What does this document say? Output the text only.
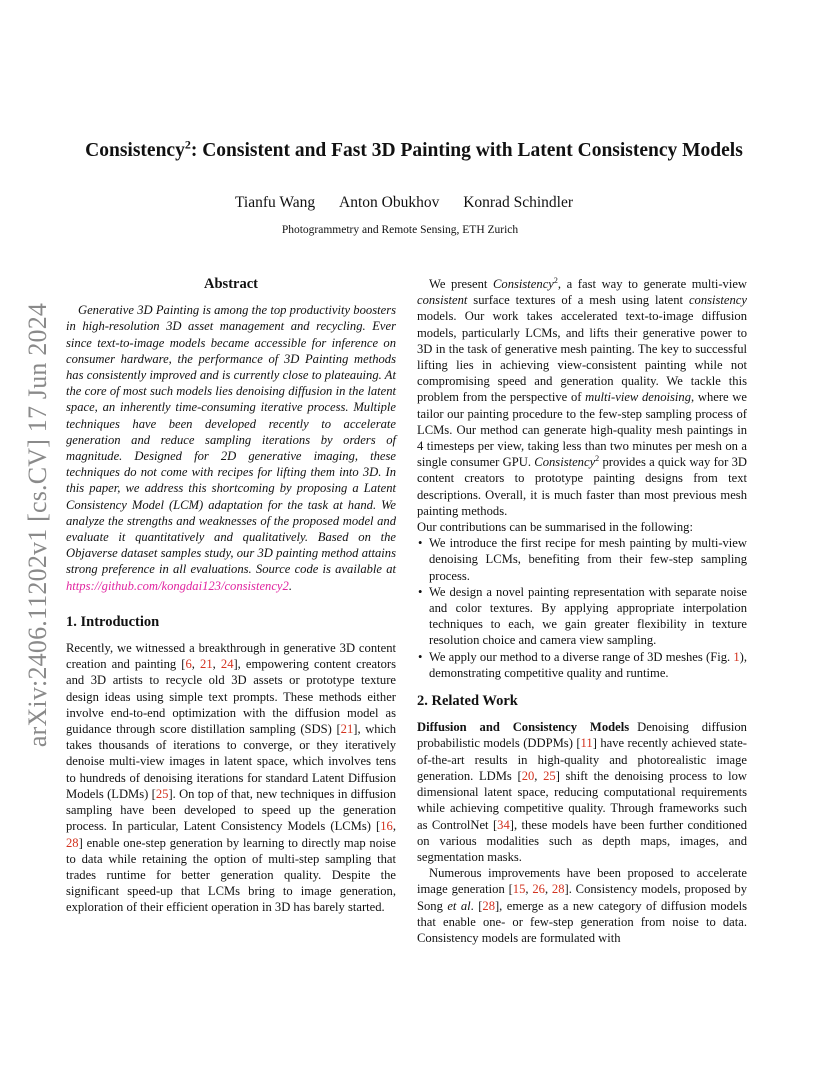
arXiv:2406.11202v1 [cs.CV] 17 Jun 2024
Consistency$^2$: Consistent and Fast 3D Painting with Latent Consistency Models
Tianfu Wang Anton Obukhov Konrad Schindler
Photogrammetry and Remote Sensing, ETH Zurich
Abstract

Generative 3D Painting is among the top productivity boosters in high-resolution 3D asset management and recycling. Ever since text-to-image models became accessible for inference on consumer hardware, the performance of 3D Painting methods has consistently improved and is currently close to plateauing. At the core of most such models lies denoising diffusion in the latent space, an inherently time-consuming iterative process. Multiple techniques have been developed recently to accelerate generation and reduce sampling iterations by orders of magnitude. Designed for 2D generative imaging, these techniques do not come with recipes for lifting them into 3D. In this paper, we address this shortcoming by proposing a Latent Consistency Model (LCM) adaptation for the task at hand. We analyze the strengths and weaknesses of the proposed model and evaluate it quantitatively and qualitatively. Based on the Objaverse dataset samples study, our 3D painting method attains strong preference in all evaluations. Source code is available at https://github.com/kongdai123/consistency2.

1. Introduction

Recently, we witnessed a breakthrough in generative 3D content creation and painting [6, 21, 24], empowering content creators and 3D artists to recycle old 3D assets or prototype texture design ideas using simple text prompts. These methods either involve end-to-end optimization with the diffusion model as guidance through score distillation sampling (SDS) [21], which takes thousands of iterations to converge, or they iteratively denoise multi-view images in latent space, which involves tens to hundreds of denoising iterations for standard Latent Diffusion Models (LDMs) [25]. On top of that, new techniques in diffusion sampling have been developed to speed up the generation process. In particular, Latent Consistency Models (LCMs) [16, 28] enable one-step generation by learning to directly map noise to data while retaining the option of multi-step sampling that trades runtime for better generation quality. Despite the significant speed-up that LCMs bring to image generation, exploration of their efficient operation in 3D has barely started.

We present Consistency$^2$, a fast way to generate multi-view consistent surface textures of a mesh using latent consistency models. Our work takes accelerated text-to-image diffusion models, particularly LCMs, and lifts their generative power to 3D in the task of generative mesh painting. The key to successful lifting lies in achieving view-consistent painting while not compromising speed and generation quality. We tackle this problem from the perspective of multi-view denoising, where we tailor our painting procedure to the few-step sampling process of LCMs. Our method can generate high-quality mesh paintings in 4 timesteps per view, taking less than two minutes per mesh on a single consumer GPU. Consistency$^2$ provides a quick way for 3D content creators to prototype painting designs from text descriptions. Overall, it is much faster than most previous mesh painting methods.

Our contributions can be summarised in the following:

• We introduce the first recipe for mesh painting by multi-view denoising LCMs, benefiting from their few-step sampling process.
• We design a novel painting representation with separate noise and color textures. By applying appropriate interpolation techniques to each, we gain greater flexibility in texture resolution choice and camera view sampling.
• We apply our method to a diverse range of 3D meshes (Fig. 1), demonstrating competitive quality and runtime.
2. Related Work

Diffusion and Consistency Models Denoising diffusion probabilistic models (DDPMs) [11] have recently achieved state-of-the-art results in high-quality and photorealistic image generation. LDMs [20, 25] shift the denoising process to low dimensional latent space, reducing computational requirements while achieving competitive quality. Through frameworks such as ControlNet [34], these models have been further conditioned on various modalities such as depth maps, images, and segmentation masks.

Numerous improvements have been proposed to accelerate image generation [15, 26, 28]. Consistency models, proposed by Song et al. [28], emerge as a new category of diffusion models that enable one- or few-step generation from noise to data. Consistency models are formulated with
